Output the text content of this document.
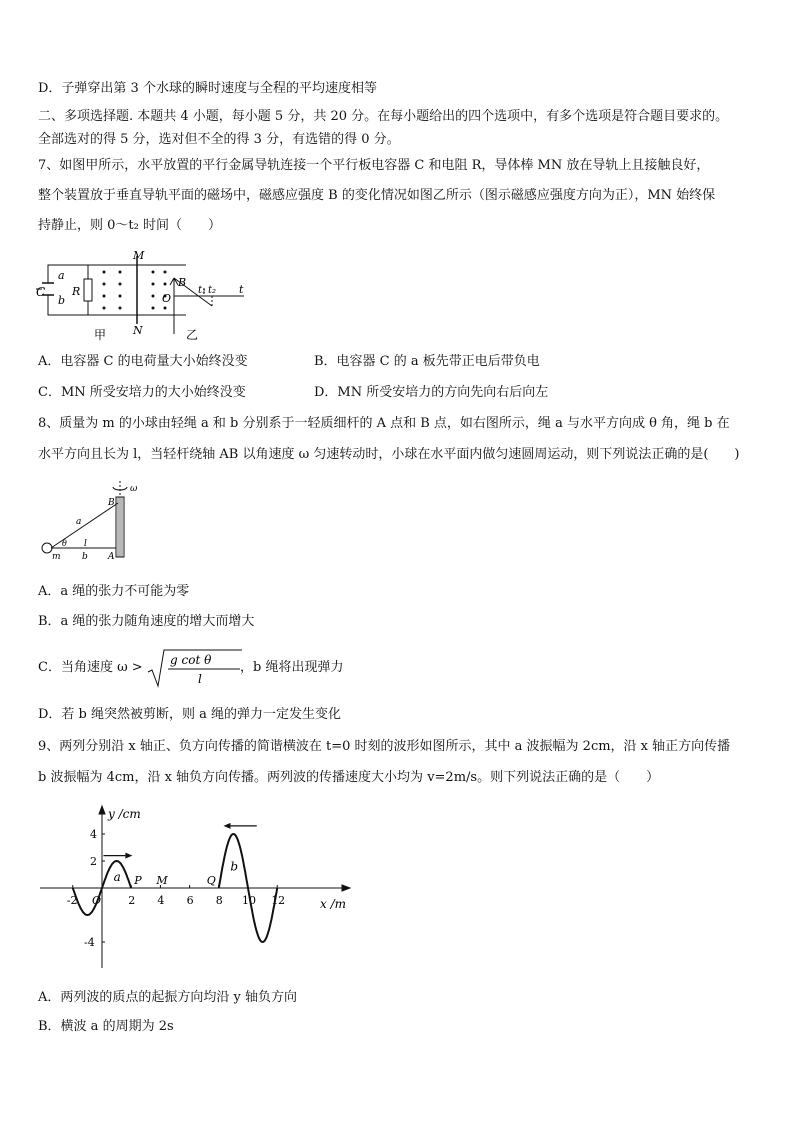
D．子弹穿出第 3 个水球的瞬时速度与全程的平均速度相等
二、多项选择题. 本题共 4 小题，每小题 5 分，共 20 分。在每小题给出的四个选项中，有多个选项是符合题目要求的。
全部选对的得 5 分，选对但不全的得 3 分，有选错的得 0 分。
7、如图甲所示，水平放置的平行金属导轨连接一个平行板电容器 C 和电阻 R，导体棒 MN 放在导轨上且接触良好，
整个装置放于垂直导轨平面的磁场中，磁感应强度 B 的变化情况如图乙所示（图示磁感应强度方向为正），MN 始终保
持静止，则 0～t₂ 时间（　　）
C
a
b
R
M
N
甲
B
O
t₁ t₂ t
乙
A．电容器 C 的电荷量大小始终没变	B．电容器 C 的 a 板先带正电后带负电
C．MN 所受安培力的大小始终没变	D．MN 所受安培力的方向先向右后向左
8、质量为 m 的小球由轻绳 a 和 b 分别系于一轻质细杆的 A 点和 B 点，如右图所示，绳 a 与水平方向成 θ 角，绳 b 在
水平方向且长为 l，当轻杆绕轴 AB 以角速度 ω 匀速转动时，小球在水平面内做匀速圆周运动，则下列说法正确的是(　　)
ω
B
a
θ l
m b A
A．a 绳的张力不可能为零
B．a 绳的张力随角速度的增大而增大
C．当角速度 ω > g cot θ
l
，b 绳将出现弹力
D．若 b 绳突然被剪断，则 a 绳的弹力一定发生变化
9、两列分别沿 x 轴正、负方向传播的简谐横波在 t=0 时刻的波形如图所示，其中 a 波振幅为 2cm，沿 x 轴正方向传播
b 波振幅为 4cm，沿 x 轴负方向传播。两列波的传播速度大小均为 v=2m/s。则下列说法正确的是（　　）
y /cm
x /m
-2 O 2 4 6 8 10 12
4
2
-4
a
b
P M	Q
A．两列波的质点的起振方向均沿 y 轴负方向
B．横波 a 的周期为 2s
